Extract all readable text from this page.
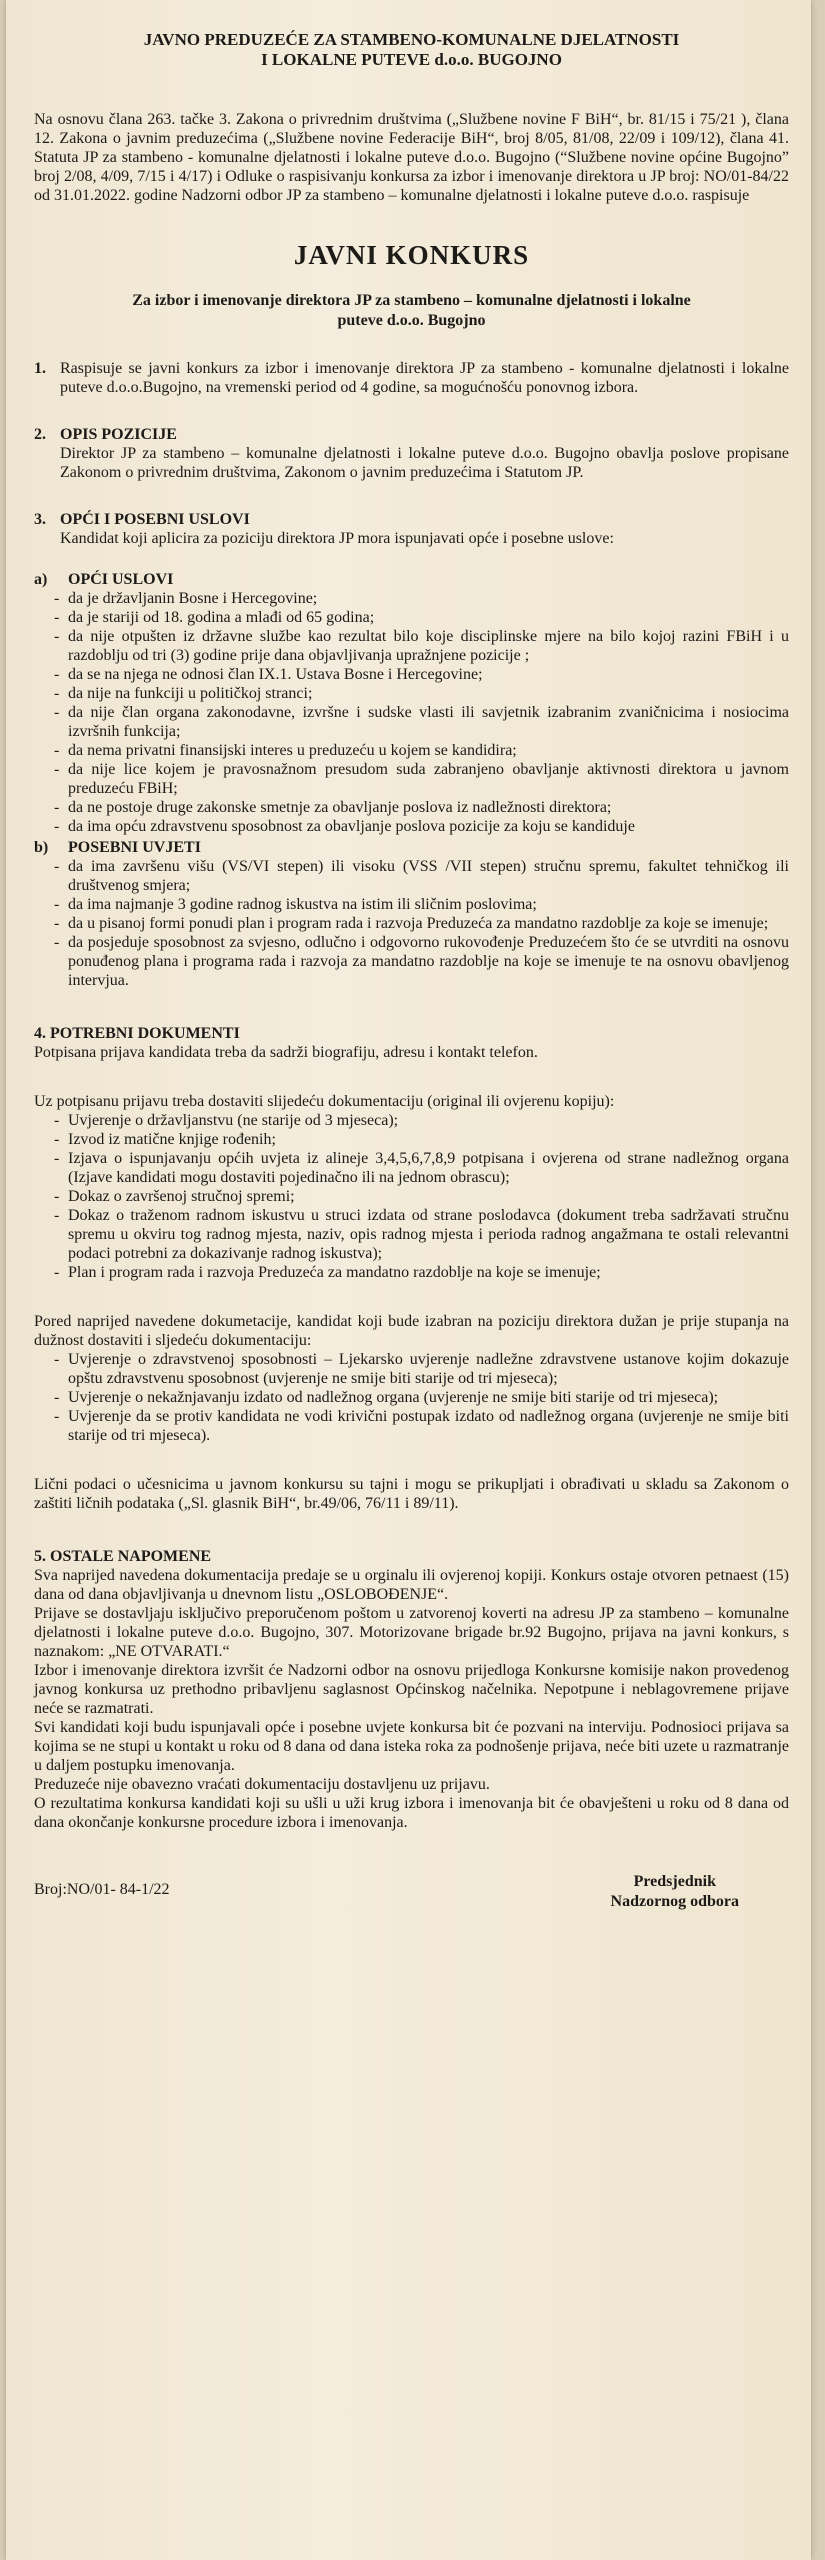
JAVNO PREDUZEĆE ZA STAMBENO-KOMUNALNE DJELATNOSTI
I LOKALNE PUTEVE d.o.o. BUGOJNO

Na osnovu člana 263. tačke 3. Zakona o privrednim društvima („Službene novine F BiH“, br. 81/15 i 75/21 ), člana 12. Zakona o javnim preduzećima („Službene novine Federacije BiH“, broj 8/05, 81/08, 22/09 i 109/12), člana 41. Statuta JP za stambeno - komunalne djelatnosti i lokalne puteve d.o.o. Bugojno (“Službene novine općine Bugojno” broj 2/08, 4/09, 7/15 i 4/17) i Odluke o raspisivanju konkursa za izbor i imenovanje direktora u JP broj: NO/01-84/22 od 31.01.2022. godine Nadzorni odbor JP za stambeno – komunalne djelatnosti i lokalne puteve d.o.o. raspisuje

JAVNI KONKURS
Za izbor i imenovanje direktora JP za stambeno – komunalne djelatnosti i lokalne puteve d.o.o. Bugojno
1. Raspisuje se javni konkurs za izbor i imenovanje direktora JP za stambeno - komunalne djelatnosti i lokalne puteve d.o.o.Bugojno, na vremenski period od 4 godine, sa mogućnošću ponovnog izbora.

2. OPIS POZICIJE

Direktor JP za stambeno – komunalne djelatnosti i lokalne puteve d.o.o. Bugojno obavlja poslove propisane Zakonom o privrednim društvima, Zakonom o javnim preduzećima i Statutom JP.

3. OPĆI I POSEBNI USLOVI

Kandidat koji aplicira za poziciju direktora JP mora ispunjavati opće i posebne uslove:

a)	OPĆI USLOVI
- da je državljanin Bosne i Hercegovine;
- da je stariji od 18. godina a mlađi od 65 godina;
- da nije otpušten iz državne službe kao rezultat bilo koje disciplinske mjere na bilo kojoj razini FBiH i u razdoblju od tri (3) godine prije dana objavljivanja upražnjene pozicije ;
- da se na njega ne odnosi član IX.1. Ustava Bosne i Hercegovine;
- da nije na funkciji u političkoj stranci;
- da nije član organa zakonodavne, izvršne i sudske vlasti ili savjetnik izabranim zvaničnicima i nosiocima izvršnih funkcija;
- da nema privatni finansijski interes u preduzeću u kojem se kandidira;
- da nije lice kojem je pravosnažnom presudom suda zabranjeno obavljanje aktivnosti direktora u javnom preduzeću FBiH;
- da ne postoje druge zakonske smetnje za obavljanje poslova iz nadležnosti direktora;
- da ima opću zdravstvenu sposobnost za obavljanje poslova pozicije za koju se kandiduje
b)	POSEBNI UVJETI
- da ima završenu višu (VS/VI stepen) ili visoku (VSS /VII stepen) stručnu spremu, fakultet tehničkog ili društvenog smjera;
- da ima najmanje 3 godine radnog iskustva na istim ili sličnim poslovima;
- da u pisanoj formi ponudi plan i program rada i razvoja Preduzeća za mandatno razdoblje za koje se imenuje;
- da posjeduje sposobnost za svjesno, odlučno i odgovorno rukovođenje Preduzećem što će se utvrditi na osnovu ponuđenog plana i programa rada i razvoja za mandatno razdoblje na koje se imenuje te na osnovu obavljenog intervjua.
4. POTREBNI DOKUMENTI

Potpisana prijava kandidata treba da sadrži biografiju, adresu i kontakt telefon.

Uz potpisanu prijavu treba dostaviti slijedeću dokumentaciju (original ili ovjerenu kopiju):

- Uvjerenje o državljanstvu (ne starije od 3 mjeseca);
- Izvod iz matične knjige rođenih;
- Izjava o ispunjavanju općih uvjeta iz alineje 3,4,5,6,7,8,9 potpisana i ovjerena od strane nadležnog organa (Izjave kandidati mogu dostaviti pojedinačno ili na jednom obrascu);
- Dokaz o završenoj stručnoj spremi;
- Dokaz o traženom radnom iskustvu u struci izdata od strane poslodavca (dokument treba sadržavati stručnu spremu u okviru tog radnog mjesta, naziv, opis radnog mjesta i perioda radnog angažmana te ostali relevantni podaci potrebni za dokazivanje radnog iskustva);
- Plan i program rada i razvoja Preduzeća za mandatno razdoblje na koje se imenuje;

Pored naprijed navedene dokumetacije, kandidat koji bude izabran na poziciju direktora dužan je prije stupanja na dužnost dostaviti i sljedeću dokumentaciju:

- Uvjerenje o zdravstvenoj sposobnosti – Ljekarsko uvjerenje nadležne zdravstvene ustanove kojim dokazuje opštu zdravstvenu sposobnost (uvjerenje ne smije biti starije od tri mjeseca);
- Uvjerenje o nekažnjavanju izdato od nadležnog organa (uvjerenje ne smije biti starije od tri mjeseca);
- Uvjerenje da se protiv kandidata ne vodi krivični postupak izdato od nadležnog organa (uvjerenje ne smije biti starije od tri mjeseca).

Lični podaci o učesnicima u javnom konkursu su tajni i mogu se prikupljati i obrađivati u skladu sa Zakonom o zaštiti ličnih podataka („Sl. glasnik BiH“, br.49/06, 76/11 i 89/11).

5. OSTALE NAPOMENE

Sva naprijed navedena dokumentacija predaje se u orginalu ili ovjerenoj kopiji. Konkurs ostaje otvoren petnaest (15) dana od dana objavljivanja u dnevnom listu „OSLOBOĐENJE“.

Prijave se dostavljaju isključivo preporučenom poštom u zatvorenoj koverti na adresu JP za stambeno – komunalne djelatnosti i lokalne puteve d.o.o. Bugojno, 307. Motorizovane brigade br.92 Bugojno, prijava na javni konkurs, s naznakom: „NE OTVARATI.“

Izbor i imenovanje direktora izvršit će Nadzorni odbor na osnovu prijedloga Konkursne komisije nakon provedenog javnog konkursa uz prethodno pribavljenu saglasnost Općinskog načelnika. Nepotpune i neblagovremene prijave neće se razmatrati.

Svi kandidati koji budu ispunjavali opće i posebne uvjete konkursa bit će pozvani na interviju. Podnosioci prijava sa kojima se ne stupi u kontakt u roku od 8 dana od dana isteka roka za podnošenje prijava, neće biti uzete u razmatranje u daljem postupku imenovanja.

Preduzeće nije obavezno vraćati dokumentaciju dostavljenu uz prijavu.

O rezultatima konkursa kandidati koji su ušli u uži krug izbora i imenovanja bit će obavješteni u roku od 8 dana od dana okončanje konkursne procedure izbora i imenovanja.

Broj:NO/01- 84-1/22	Predsjednik
Nadzornog odbora
